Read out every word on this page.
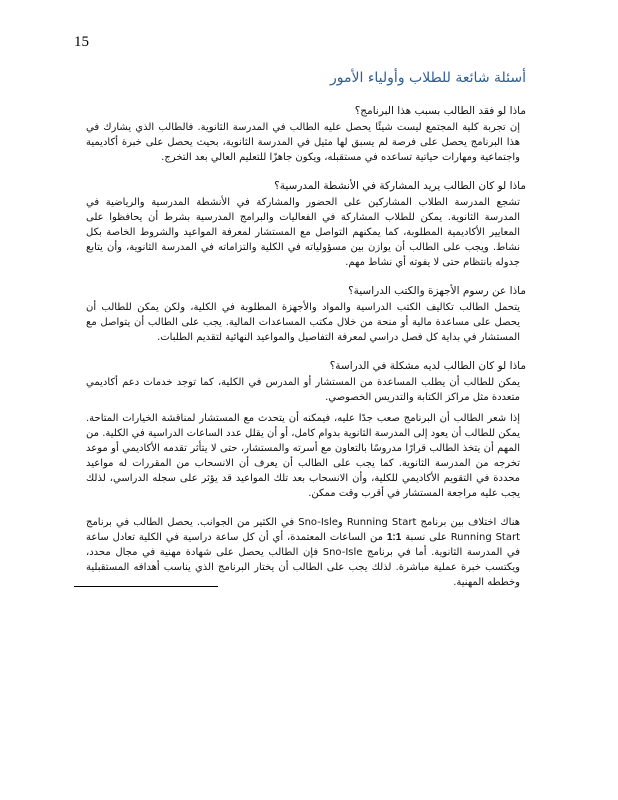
15
أسئلة شائعة للطلاب وأولياء الأمور

ماذا لو فقد الطالب بسبب هذا البرنامج؟

إن تجربة كلية المجتمع ليست شيئًا يحصل عليه الطالب في المدرسة الثانوية. فالطالب الذي يشارك في هذا البرنامج يحصل على فرصة لم يسبق لها مثيل في المدرسة الثانوية، بحيث يحصل على خبرة أكاديمية واجتماعية ومهارات حياتية تساعده في مستقبله، ويكون جاهزًا للتعليم العالي بعد التخرج.

ماذا لو كان الطالب يريد المشاركة في الأنشطة المدرسية؟

تشجع المدرسة الطلاب المشاركين على الحضور والمشاركة في الأنشطة المدرسية والرياضية في المدرسة الثانوية. يمكن للطلاب المشاركة في الفعاليات والبرامج المدرسية بشرط أن يحافظوا على المعايير الأكاديمية المطلوبة، كما يمكنهم التواصل مع المستشار لمعرفة المواعيد والشروط الخاصة بكل نشاط. ويجب على الطالب أن يوازن بين مسؤولياته في الكلية والتزاماته في المدرسة الثانوية، وأن يتابع جدوله بانتظام حتى لا يفوته أي نشاط مهم.

ماذا عن رسوم الأجهزة والكتب الدراسية؟

يتحمل الطالب تكاليف الكتب الدراسية والمواد والأجهزة المطلوبة في الكلية، ولكن يمكن للطالب أن يحصل على مساعدة مالية أو منحة من خلال مكتب المساعدات المالية. يجب على الطالب أن يتواصل مع المستشار في بداية كل فصل دراسي لمعرفة التفاصيل والمواعيد النهائية لتقديم الطلبات.

ماذا لو كان الطالب لديه مشكلة في الدراسة؟

يمكن للطالب أن يطلب المساعدة من المستشار أو المدرس في الكلية، كما توجد خدمات دعم أكاديمي متعددة مثل مراكز الكتابة والتدريس الخصوصي.

إذا شعر الطالب أن البرنامج صعب جدًا عليه، فيمكنه أن يتحدث مع المستشار لمناقشة الخيارات المتاحة. يمكن للطالب أن يعود إلى المدرسة الثانوية بدوام كامل، أو أن يقلل عدد الساعات الدراسية في الكلية. من المهم أن يتخذ الطالب قرارًا مدروسًا بالتعاون مع أسرته والمستشار، حتى لا يتأثر تقدمه الأكاديمي أو موعد تخرجه من المدرسة الثانوية. كما يجب على الطالب أن يعرف أن الانسحاب من المقررات له مواعيد محددة في التقويم الأكاديمي للكلية، وأن الانسحاب بعد تلك المواعيد قد يؤثر على سجله الدراسي، لذلك يجب عليه مراجعة المستشار في أقرب وقت ممكن.

هناك اختلاف بين برنامج Running Start وSno-Isle في الكثير من الجوانب. يحصل الطالب في برنامج Running Start على نسبة 1:1 من الساعات المعتمدة، أي أن كل ساعة دراسية في الكلية تعادل ساعة في المدرسة الثانوية. أما في برنامج Sno-Isle فإن الطالب يحصل على شهادة مهنية في مجال محدد، ويكتسب خبرة عملية مباشرة. لذلك يجب على الطالب أن يختار البرنامج الذي يناسب أهدافه المستقبلية وخططه المهنية.
